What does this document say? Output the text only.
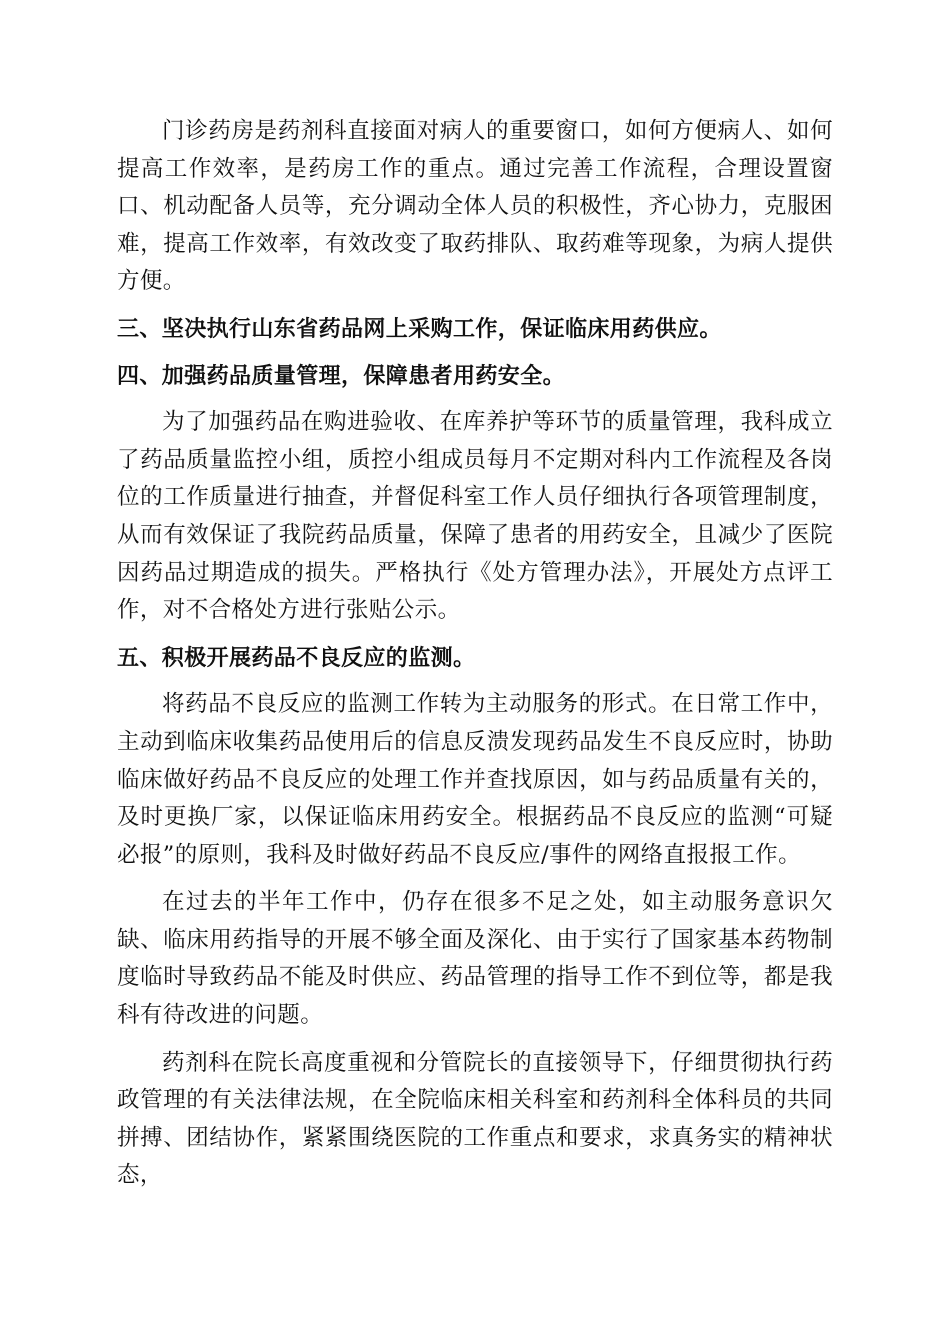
门诊药房是药剂科直接面对病人的重要窗口，如何方便病人、如何提高工作效率，是药房工作的重点。通过完善工作流程，合理设置窗口、机动配备人员等，充分调动全体人员的积极性，齐心协力，克服困难，提高工作效率，有效改变了取药排队、取药难等现象，为病人提供方便。

三、坚决执行山东省药品网上采购工作，保证临床用药供应。

四、加强药品质量管理，保障患者用药安全。

为了加强药品在购进验收、在库养护等环节的质量管理，我科成立了药品质量监控小组，质控小组成员每月不定期对科内工作流程及各岗位的工作质量进行抽查，并督促科室工作人员仔细执行各项管理制度，从而有效保证了我院药品质量，保障了患者的用药安全，且减少了医院因药品过期造成的损失。严格执行《处方管理办法》，开展处方点评工作，对不合格处方进行张贴公示。

五、积极开展药品不良反应的监测。

将药品不良反应的监测工作转为主动服务的形式。在日常工作中，主动到临床收集药品使用后的信息反溃发现药品发生不良反应时，协助临床做好药品不良反应的处理工作并查找原因，如与药品质量有关的，及时更换厂家，以保证临床用药安全。根据药品不良反应的监测“可疑必报”的原则，我科及时做好药品不良反应/事件的网络直报报工作。

在过去的半年工作中，仍存在很多不足之处，如主动服务意识欠缺、临床用药指导的开展不够全面及深化、由于实行了国家基本药物制度临时导致药品不能及时供应、药品管理的指导工作不到位等，都是我科有待改进的问题。

药剂科在院长高度重视和分管院长的直接领导下，仔细贯彻执行药政管理的有关法律法规，在全院临床相关科室和药剂科全体科员的共同拼搏、团结协作，紧紧围绕医院的工作重点和要求，求真务实的精神状态，
